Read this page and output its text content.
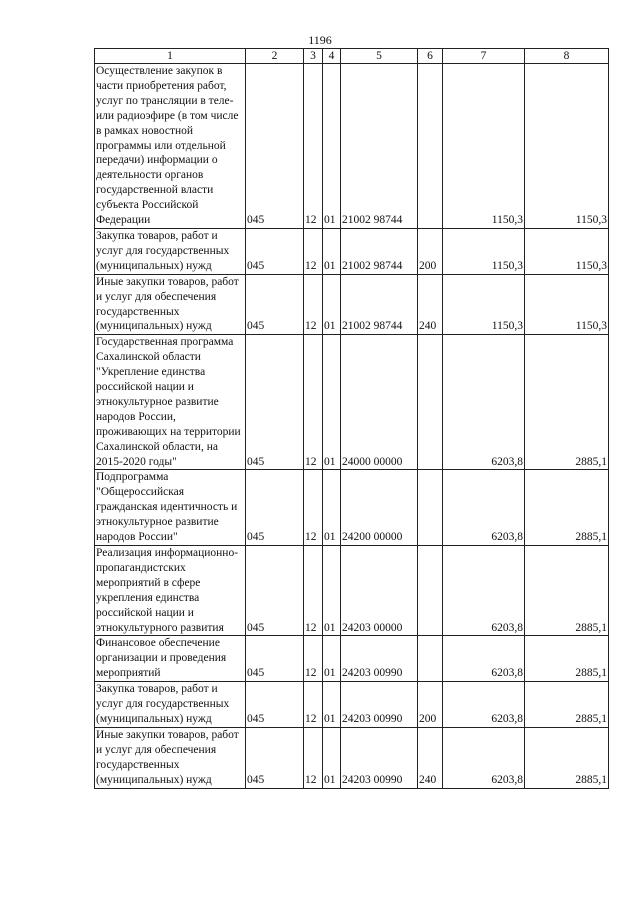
1196
1	2	3	4	5	6	7	8
Осуществление закупок в части приобретения работ, услуг по трансляции в теле- или радиоэфире (в том числе в рамках новостной программы или отдельной передачи) информации о деятельности органов государственной власти субъекта Российской Федерации	045	12	01	21002 98744		1150,3	1150,3
Закупка товаров, работ и услуг для государственных (муниципальных) нужд	045	12	01	21002 98744	200	1150,3	1150,3
Иные закупки товаров, работ и услуг для обеспечения государственных (муниципальных) нужд	045	12	01	21002 98744	240	1150,3	1150,3
Государственная программа Сахалинской области "Укрепление единства российской нации и этнокультурное развитие народов России, проживающих на территории Сахалинской области, на 2015-2020 годы"	045	12	01	24000 00000		6203,8	2885,1
Подпрограмма "Общероссийская гражданская идентичность и этнокультурное развитие народов России"	045	12	01	24200 00000		6203,8	2885,1
Реализация информационно-пропагандистских мероприятий в сфере укрепления единства российской нации и этнокультурного развития	045	12	01	24203 00000		6203,8	2885,1
Финансовое обеспечение организации и проведения мероприятий	045	12	01	24203 00990		6203,8	2885,1
Закупка товаров, работ и услуг для государственных (муниципальных) нужд	045	12	01	24203 00990	200	6203,8	2885,1
Иные закупки товаров, работ и услуг для обеспечения государственных (муниципальных) нужд	045	12	01	24203 00990	240	6203,8	2885,1
